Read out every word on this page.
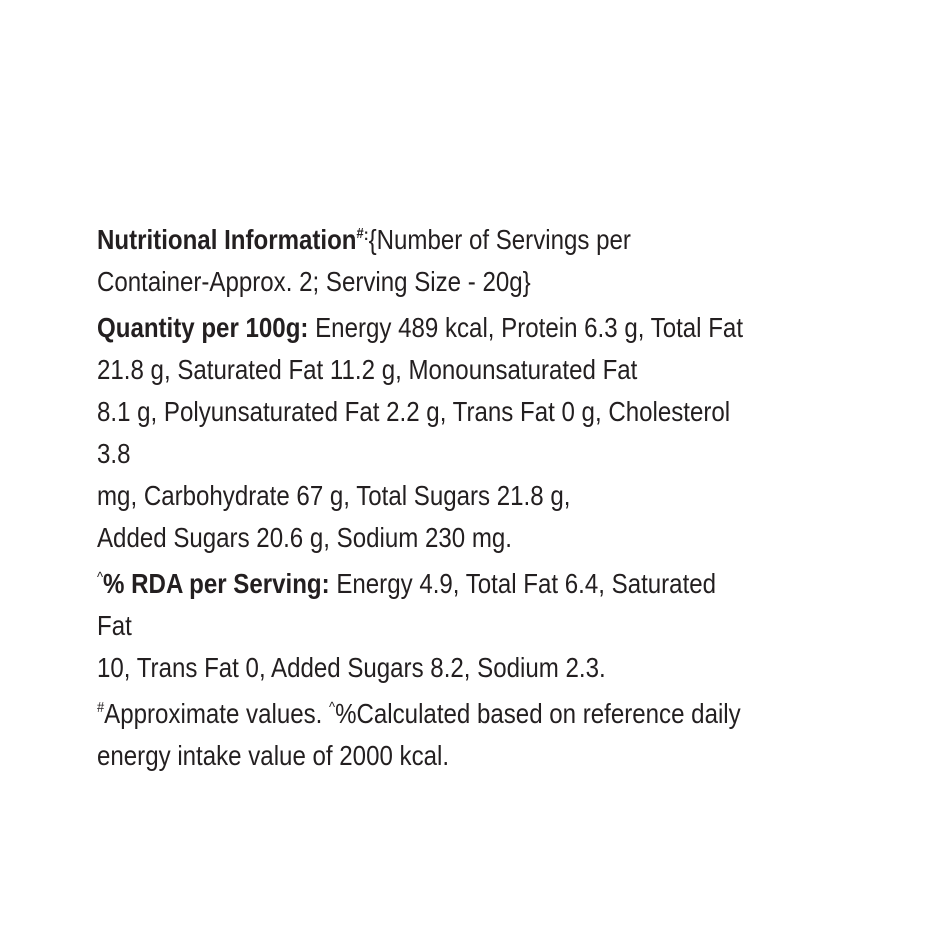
Nutritional Information#:{Number of Servings per
Container-Approx. 2; Serving Size - 20g}

Quantity per 100g: Energy 489 kcal, Protein 6.3 g, Total Fat
21.8 g, Saturated Fat 11.2 g, Monounsaturated Fat
8.1 g, Polyunsaturated Fat 2.2 g, Trans Fat 0 g, Cholesterol 3.8
mg, Carbohydrate 67 g, Total Sugars 21.8 g,
Added Sugars 20.6 g, Sodium 230 mg.

^% RDA per Serving: Energy 4.9, Total Fat 6.4, Saturated Fat
10, Trans Fat 0, Added Sugars 8.2, Sodium 2.3.

#Approximate values. ^%Calculated based on reference daily
energy intake value of 2000 kcal.
